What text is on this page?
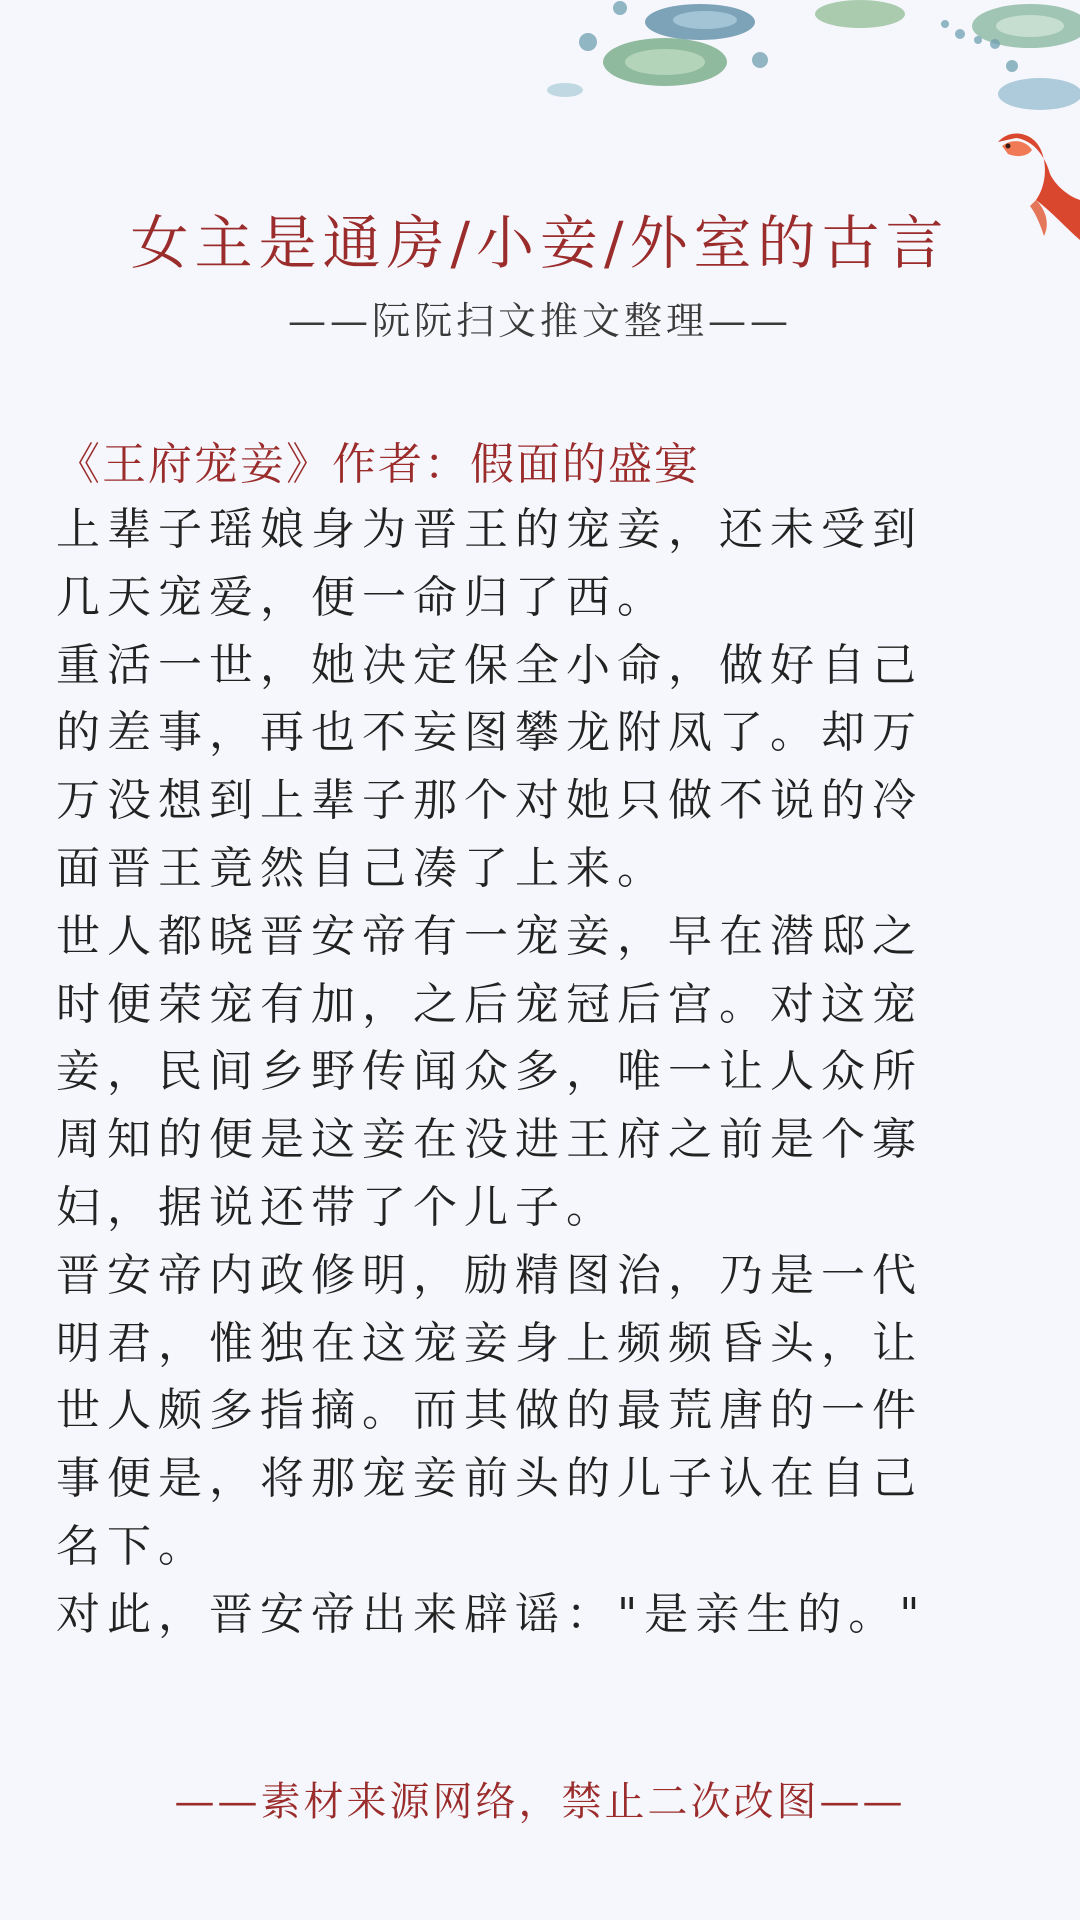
女主是通房/小妾/外室的古言
——阮阮扫文推文整理——
《王府宠妾》作者：假面的盛宴

上辈子瑶娘身为晋王的宠妾，还未受到
几天宠爱，便一命归了西。

重活一世，她决定保全小命，做好自己
的差事，再也不妄图攀龙附凤了。却万
万没想到上辈子那个对她只做不说的冷
面晋王竟然自己凑了上来。

世人都晓晋安帝有一宠妾，早在潜邸之
时便荣宠有加，之后宠冠后宫。对这宠
妾，民间乡野传闻众多，唯一让人众所
周知的便是这妾在没进王府之前是个寡
妇，据说还带了个儿子。

晋安帝内政修明，励精图治，乃是一代
明君，惟独在这宠妾身上频频昏头，让
世人颇多指摘。而其做的最荒唐的一件
事便是，将那宠妾前头的儿子认在自己
名下。

对此，晋安帝出来辟谣："是亲生的。"

——素材来源网络，禁止二次改图——
